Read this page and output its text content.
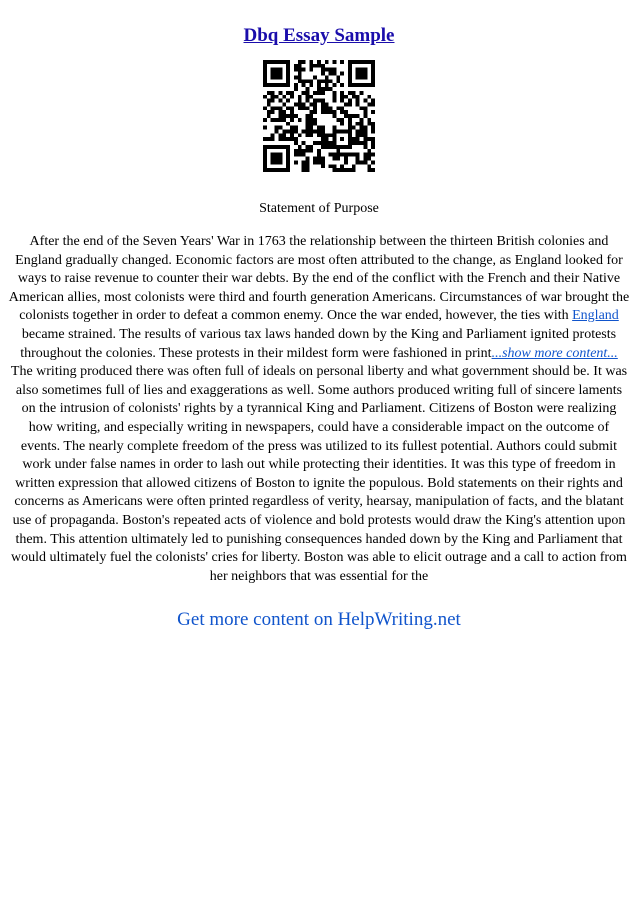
Dbq Essay Sample
Statement of Purpose

After the end of the Seven Years' War in 1763 the relationship between the thirteen British colonies and England gradually changed. Economic factors are most often attributed to the change, as England looked for ways to raise revenue to counter their war debts. By the end of the conflict with the French and their Native American allies, most colonists were third and fourth generation Americans. Circumstances of war brought the colonists together in order to defeat a common enemy. Once the war ended, however, the ties with England became strained. The results of various tax laws handed down by the King and Parliament ignited protests throughout the colonies. These protests in their mildest form were fashioned in print...show more content...

The writing produced there was often full of ideals on personal liberty and what government should be. It was also sometimes full of lies and exaggerations as well. Some authors produced writing full of sincere laments on the intrusion of colonists' rights by a tyrannical King and Parliament. Citizens of Boston were realizing how writing, and especially writing in newspapers, could have a considerable impact on the outcome of events. The nearly complete freedom of the press was utilized to its fullest potential. Authors could submit work under false names in order to lash out while protecting their identities. It was this type of freedom in written expression that allowed citizens of Boston to ignite the populous. Bold statements on their rights and concerns as Americans were often printed regardless of verity, hearsay, manipulation of facts, and the blatant use of propaganda. Boston's repeated acts of violence and bold protests would draw the King's attention upon them. This attention ultimately led to punishing consequences handed down by the King and Parliament that would ultimately fuel the colonists' cries for liberty. Boston was able to elicit outrage and a call to action from her neighbors that was essential for the

Get more content on HelpWriting.net
